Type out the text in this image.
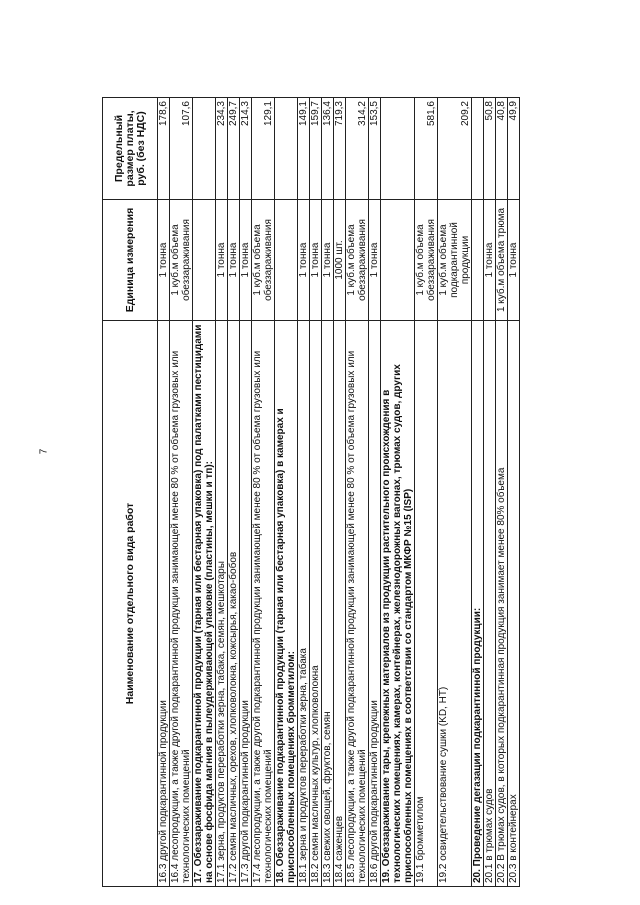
7
Наименование отдельного вида работ	Единица измерения	Предельный размер платы, руб. (без НДС)
16.3 другой подкарантинной продукции	1 тонна	178,6
16.4 лесопродукции, а также другой подкарантинной продукции занимающей менее 80 % от объема грузовых или технологических помещений	1 куб.м объема обеззараживания	107,6
17. Обеззараживание подкарантинной продукции (тарная или бестарная упаковка) под палатками пестицидами на основе фосфида магния в пылеудерживающей упаковке (пластины, мешки и тп):		
17.1 зерна, продуктов переработки зерна, табака, семян, мешкотары	1 тонна	234,3
17.2 семян масличных, орехов, хлопковолокна, кожсырья, какао-бобов	1 тонна	249,7
17.3 другой подкарантинной продукции	1 тонна	214,3
17.4 лесопродукции, а также другой подкарантинной продукции занимающей менее 80 % от объема грузовых или технологических помещений	1 куб.м объема обеззараживания	129,1
18. Обеззараживание подкарантинной продукции (тарная или бестарная упаковка) в камерах и приспособленных помещениях бромметилом:		
18.1 зерна и продуктов переработки зерна, табака	1 тонна	149,1
18.2 семян масличных культур, хлопковолокна	1 тонна	159,7
18.3 свежих овощей, фруктов, семян	1 тонна	136,4
18.4 саженцев	1000 шт.	719,3
18.5 лесопродукции, а также другой подкарантинной продукции занимающей менее 80 % от объема грузовых или технологических помещений	1 куб.м объема обеззараживания	314,2
18.6 другой подкарантинной продукции	1 тонна	153,5
19. Обеззараживание тары, крепежных материалов из продукции растительного происхождения в технологических помещениях, камерах, контейнерах, железнодорожных вагонах, трюмах судов, других приспособленных помещениях в соответствии со стандартом МКФР №15 (ISP)		
19.1 бромметилом	1 куб.м объема обеззараживания	581,6
19.2 освидетельствование сушки (KD, HT)	1 куб.м объема подкарантинной продукции	209,2
20. Проведение дегазации подкарантинной продукции:		
20.1 в трюмах судов	1 тонна	50,8
20.2 В трюмах судов, в которых подкарантинная продукция занимает менее 80% объема	1 куб.м объема трюма	40,8
20.3 в контейнерах	1 тонна	49,9
